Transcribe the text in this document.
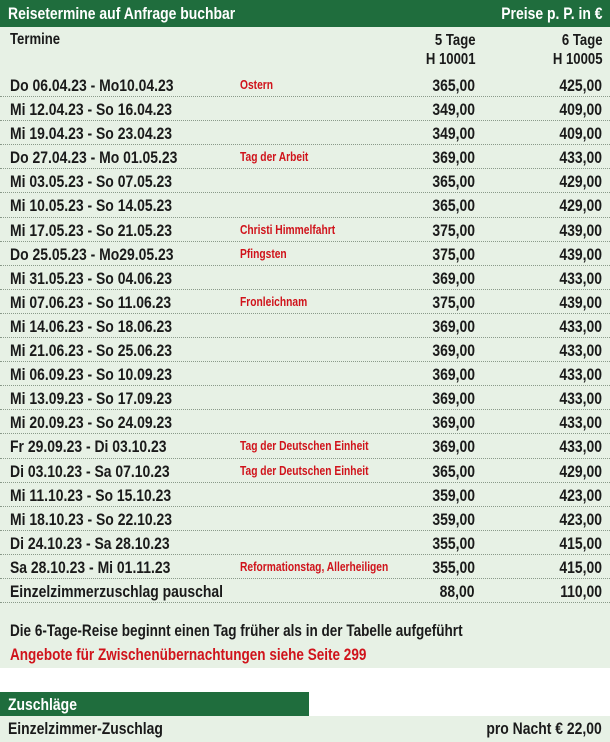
Reisetermine auf Anfrage buchbar	Preise p. P. in €
Termine	5 Tage
H 10001
6 Tage
H 10005
Do 06.04.23 - Mo10.04.23	Ostern	365,00	425,00
Mi 12.04.23 - So 16.04.23	349,00	409,00
Mi 19.04.23 - So 23.04.23	349,00	409,00
Do 27.04.23 - Mo 01.05.23	Tag der Arbeit	369,00	433,00
Mi 03.05.23 - So 07.05.23	365,00	429,00
Mi 10.05.23 - So 14.05.23	365,00	429,00
Mi 17.05.23 - So 21.05.23	Christi Himmelfahrt	375,00	439,00
Do 25.05.23 - Mo29.05.23	Pfingsten	375,00	439,00
Mi 31.05.23 - So 04.06.23	369,00	433,00
Mi 07.06.23 - So 11.06.23	Fronleichnam	375,00	439,00
Mi 14.06.23 - So 18.06.23	369,00	433,00
Mi 21.06.23 - So 25.06.23	369,00	433,00
Mi 06.09.23 - So 10.09.23	369,00	433,00
Mi 13.09.23 - So 17.09.23	369,00	433,00
Mi 20.09.23 - So 24.09.23	369,00	433,00
Fr 29.09.23 - Di 03.10.23	Tag der Deutschen Einheit	369,00	433,00
Di 03.10.23 - Sa 07.10.23	Tag der Deutschen Einheit	365,00	429,00
Mi 11.10.23 - So 15.10.23	359,00	423,00
Mi 18.10.23 - So 22.10.23	359,00	423,00
Di 24.10.23 - Sa 28.10.23	355,00	415,00
Sa 28.10.23 - Mi 01.11.23	Reformationstag, Allerheiligen	355,00	415,00
Einzelzimmerzuschlag pauschal	88,00	110,00
Die 6-Tage-Reise beginnt einen Tag früher als in der Tabelle aufgeführt
Angebote für Zwischenübernachtungen siehe Seite 299
Zuschläge
Einzelzimmer-Zuschlag	pro Nacht € 22,00
